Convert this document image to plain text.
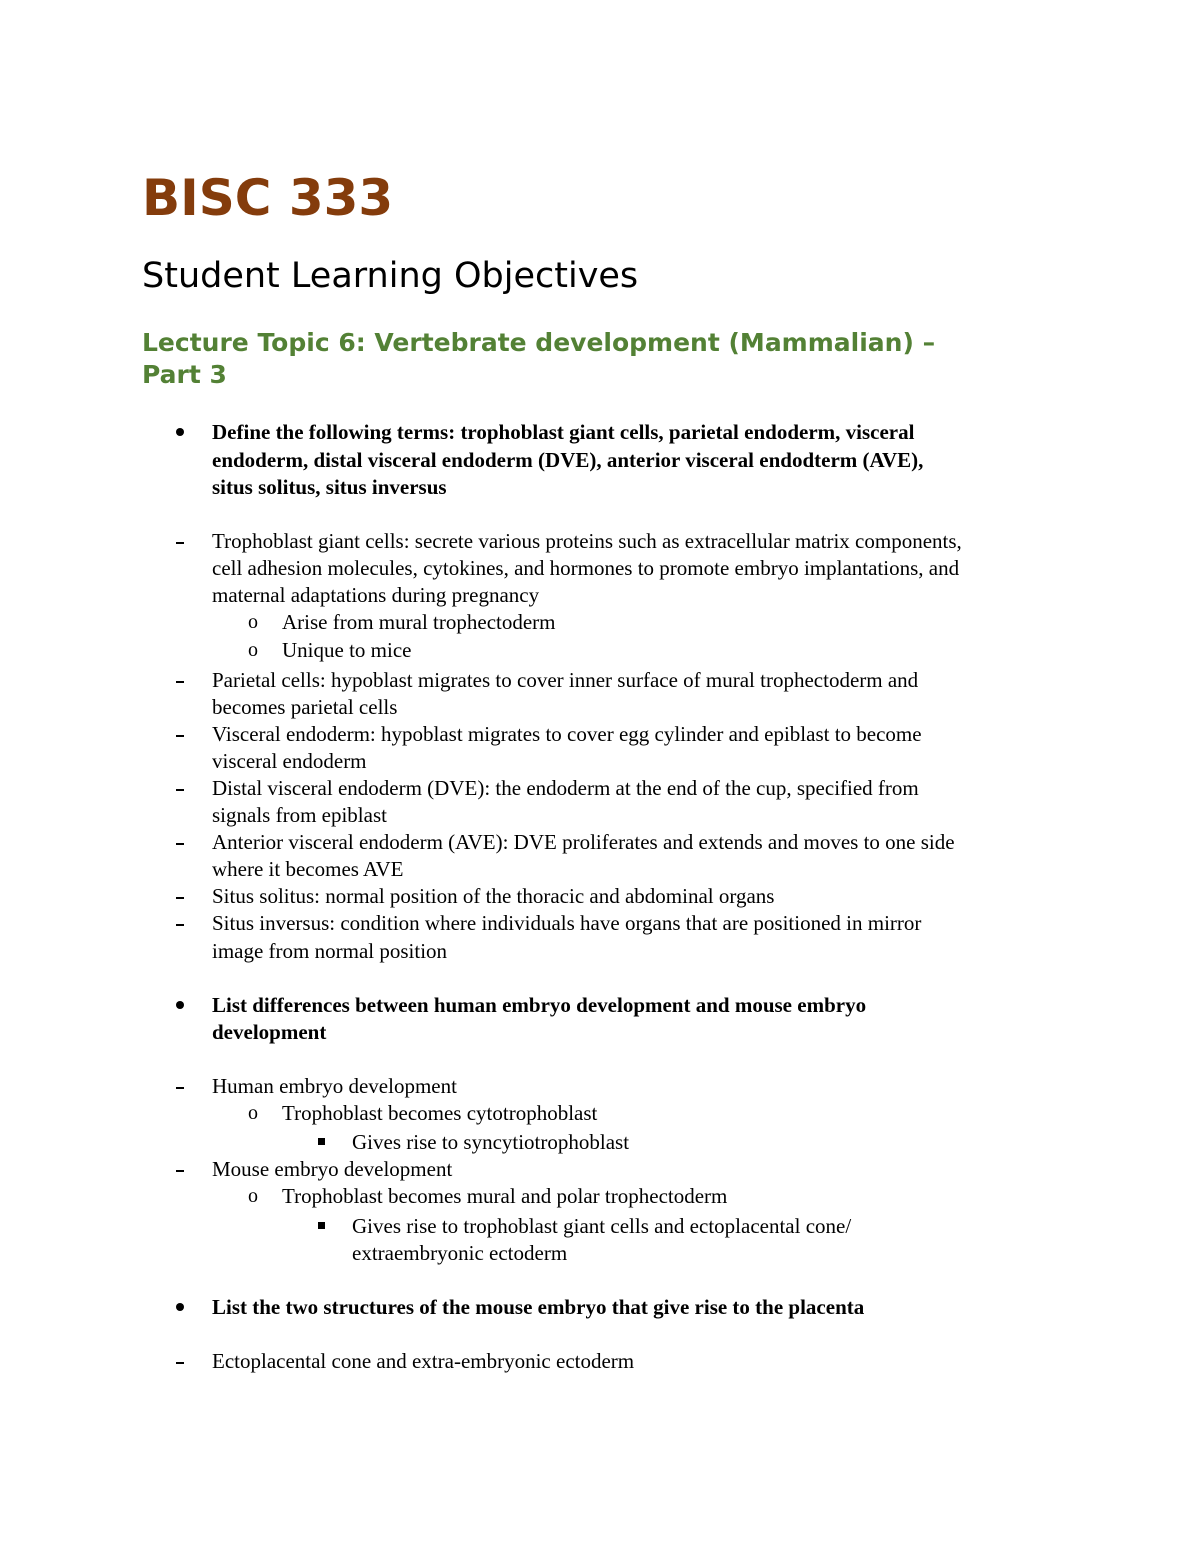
BISC 333
Student Learning Objectives
Lecture Topic 6: Vertebrate development (Mammalian) –
Part 3
Define the following terms: trophoblast giant cells, parietal endoderm, visceral
endoderm, distal visceral endoderm (DVE), anterior visceral endodterm (AVE),
situs solitus, situs inversus
Trophoblast giant cells: secrete various proteins such as extracellular matrix components,
cell adhesion molecules, cytokines, and hormones to promote embryo implantations, and
maternal adaptations during pregnancy
o Arise from mural trophectoderm
o Unique to mice
Parietal cells: hypoblast migrates to cover inner surface of mural trophectoderm and
becomes parietal cells
Visceral endoderm: hypoblast migrates to cover egg cylinder and epiblast to become
visceral endoderm
Distal visceral endoderm (DVE): the endoderm at the end of the cup, specified from
signals from epiblast
Anterior visceral endoderm (AVE): DVE proliferates and extends and moves to one side
where it becomes AVE
Situs solitus: normal position of the thoracic and abdominal organs
Situs inversus: condition where individuals have organs that are positioned in mirror
image from normal position
List differences between human embryo development and mouse embryo
development
Human embryo development
o Trophoblast becomes cytotrophoblast
Gives rise to syncytiotrophoblast
Mouse embryo development
o Trophoblast becomes mural and polar trophectoderm
Gives rise to trophoblast giant cells and ectoplacental cone/
extraembryonic ectoderm
List the two structures of the mouse embryo that give rise to the placenta
Ectoplacental cone and extra-embryonic ectoderm
